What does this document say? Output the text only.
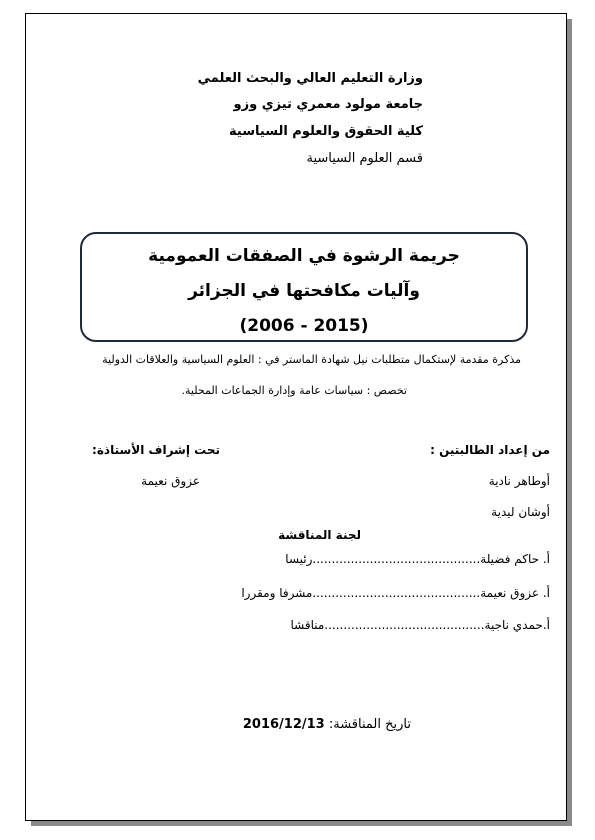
وزارة التعليم العالي والبحث العلمي
جامعة مولود معمري تيزي وزو
كلية الحقوق والعلوم السياسية
قسم العلوم السياسية
جريمة الرشوة في الصفقات العمومية
وآليات مكافحتها في الجزائر
(2006 - 2015)
مذكرة مقدمة لإستكمال متطلبات نيل شهادة الماستر في : العلوم السياسية والعلاقات الدولية
تخصص : سياسات عامة وإدارة الجماعات المحلية.
من إعداد الطالبتين :
تحت إشراف الأستاذة:
أوطاهر نادية
عزوق نعيمة
أوشان ليدية
لجنة المناقشة
أ. حاكم فضيلة............................................رئيسا
أ. عزوق نعيمة............................................مشرفا ومقررا
أ.حمدي ناجية..........................................مناقشا
تاريخ المناقشة: 2016/12/13
